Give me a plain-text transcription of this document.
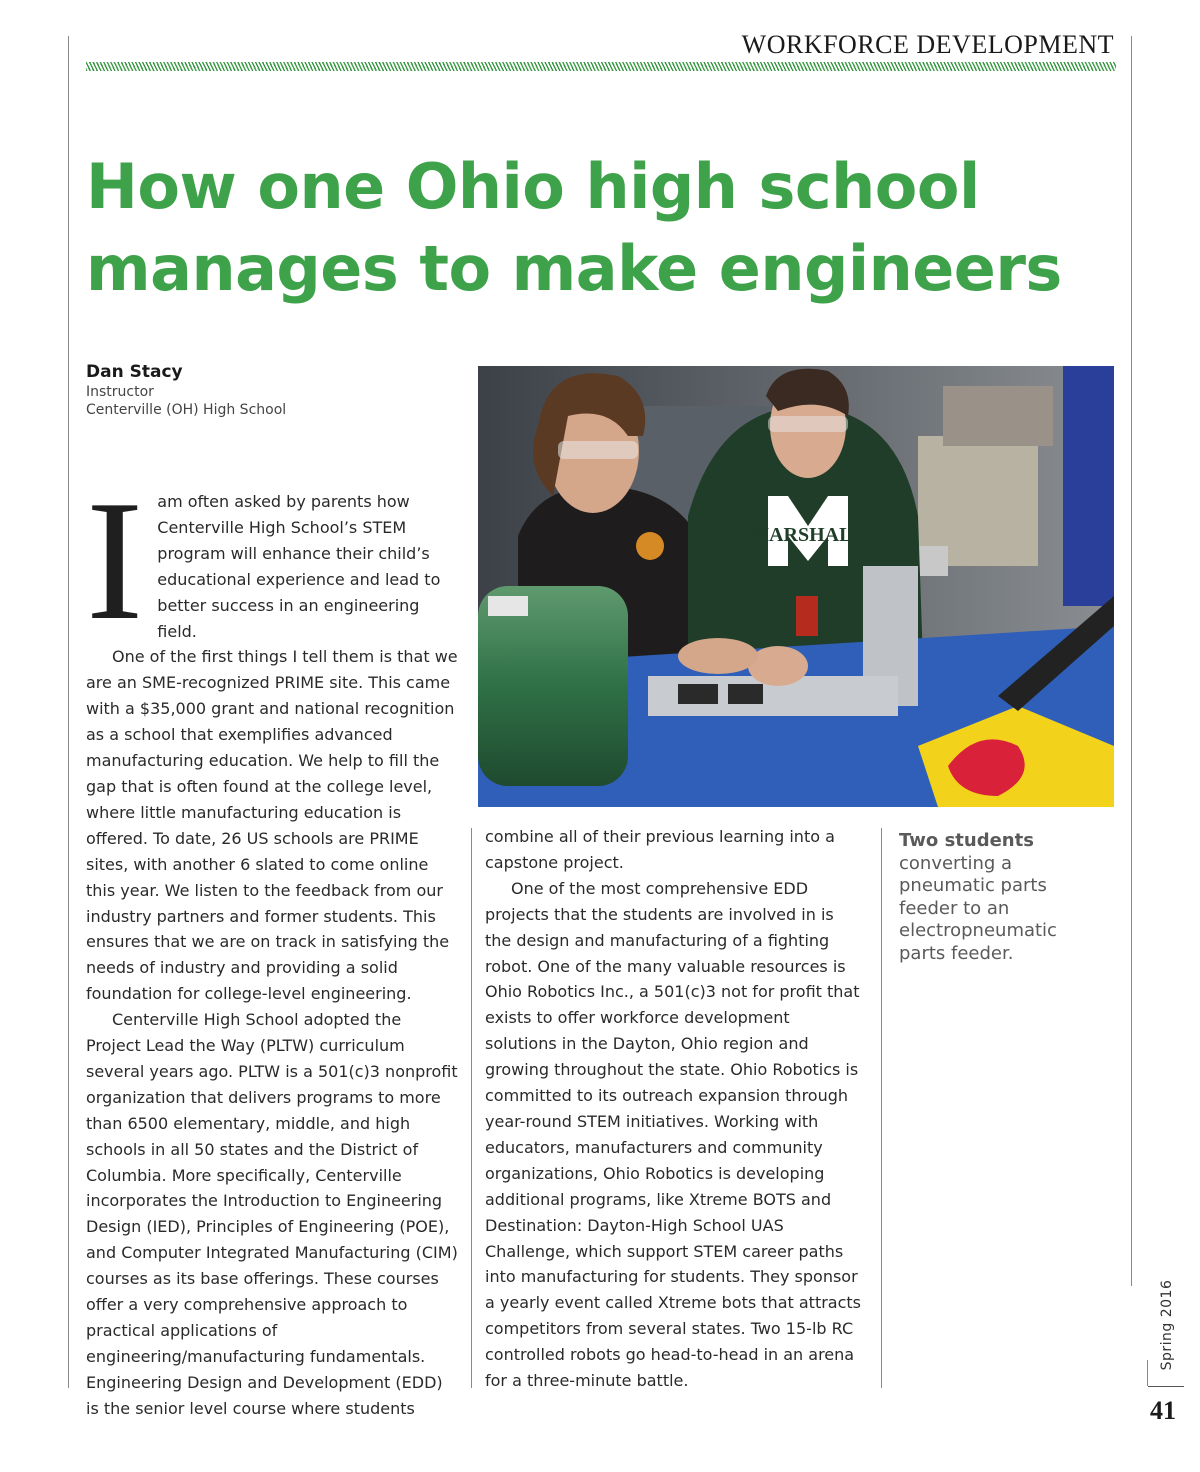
WORKFORCE DEVELOPMENT
How one Ohio high school manages to make engineers
Dan Stacy
Instructor
Centerville (OH) High School
MARSHALL
I am often asked by parents how Centerville High School’s STEM program will enhance their child’s educational experience and lead to better success in an engineering field.

One of the first things I tell them is that we are an SME-recognized PRIME site. This came with a $35,000 grant and national recognition as a school that exemplifies advanced manufacturing education. We help to fill the gap that is often found at the college level, where little manufacturing education is offered. To date, 26 US schools are PRIME sites, with another 6 slated to come online this year. We listen to the feedback from our industry partners and former students. This ensures that we are on track in satisfying the needs of industry and providing a solid foundation for college-level engineering.

Centerville High School adopted the Project Lead the Way (PLTW) curriculum several years ago. PLTW is a 501(c)3 nonprofit organization that delivers programs to more than 6500 elementary, middle, and high schools in all 50 states and the District of Columbia. More specifically, Centerville incorporates the Introduction to Engineering Design (IED), Principles of Engineering (POE), and Computer Integrated Manufacturing (CIM) courses as its base offerings. These courses offer a very comprehensive approach to practical applications of engineering/manufacturing fundamentals. Engineering Design and Development (EDD) is the senior level course where students

combine all of their previous learning into a capstone project.

One of the most comprehensive EDD projects that the students are involved in is the design and manufacturing of a fighting robot. One of the many valuable resources is Ohio Robotics Inc., a 501(c)3 not for profit that exists to offer workforce development solutions in the Dayton, Ohio region and growing throughout the state. Ohio Robotics is committed to its outreach expansion through year-round STEM initiatives. Working with educators, manufacturers and community organizations, Ohio Robotics is developing additional programs, like Xtreme BOTS and Destination: Dayton-High School UAS Challenge, which support STEM career paths into manufacturing for students. They sponsor a yearly event called Xtreme bots that attracts competitors from several states. Two 15-lb RC controlled robots go head-to-head in an arena for a three-minute battle.

Two students
converting a pneumatic parts feeder to an electropneumatic parts feeder.
Spring 2016
41
